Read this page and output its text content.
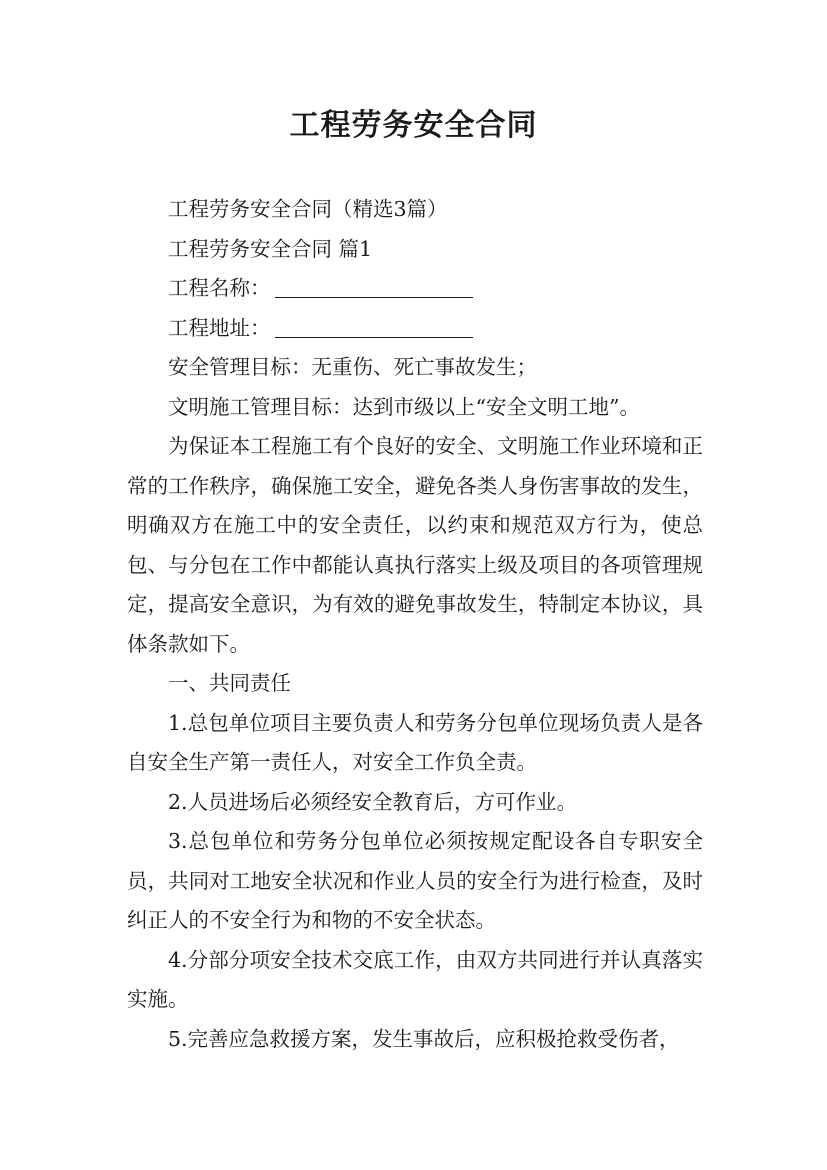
工程劳务安全合同

工程劳务安全合同（精选3篇）

工程劳务安全合同 篇1

工程名称：

工程地址：

安全管理目标：无重伤、死亡事故发生；

文明施工管理目标：达到市级以上“安全文明工地”。

为保证本工程施工有个良好的安全、文明施工作业环境和正常的工作秩序，确保施工安全，避免各类人身伤害事故的发生，明确双方在施工中的安全责任，以约束和规范双方行为，使总包、与分包在工作中都能认真执行落实上级及项目的各项管理规定，提高安全意识，为有效的避免事故发生，特制定本协议，具体条款如下。

一、共同责任

1.总包单位项目主要负责人和劳务分包单位现场负责人是各自安全生产第一责任人，对安全工作负全责。

2.人员进场后必须经安全教育后，方可作业。

3.总包单位和劳务分包单位必须按规定配设各自专职安全员，共同对工地安全状况和作业人员的安全行为进行检查，及时纠正人的不安全行为和物的不安全状态。

4.分部分项安全技术交底工作，由双方共同进行并认真落实实施。

5.完善应急救援方案，发生事故后，应积极抢救受伤者，
